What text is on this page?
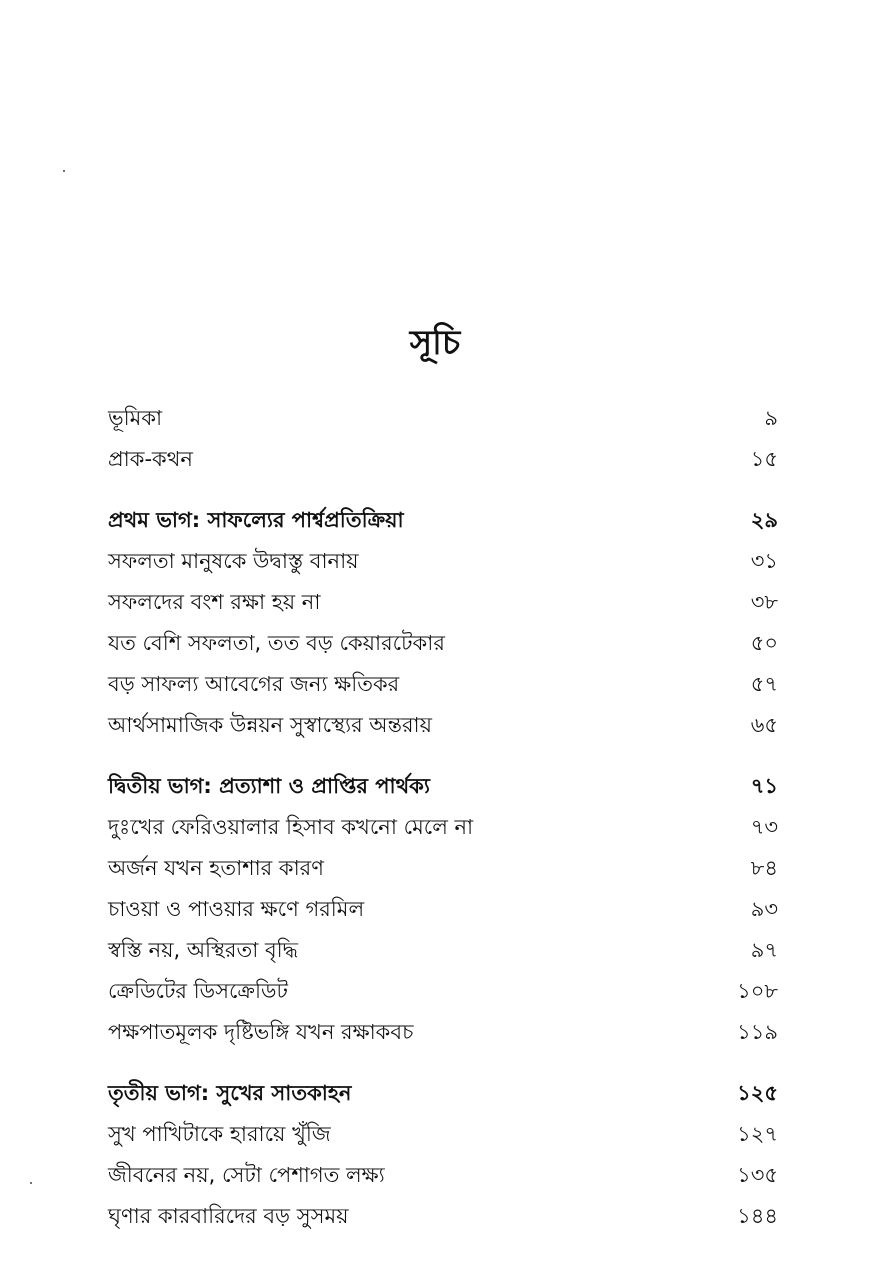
সূচি
ভূমিকা	৯
প্রাক-কথন	১৫
প্রথম ভাগ: সাফল্যের পার্শ্বপ্রতিক্রিয়া	২৯
সফলতা মানুষকে উদ্বাস্তু বানায়	৩১
সফলদের বংশ রক্ষা হয় না	৩৮
যত বেশি সফলতা, তত বড় কেয়ারটেকার	৫০
বড় সাফল্য আবেগের জন্য ক্ষতিকর	৫৭
আর্থসামাজিক উন্নয়ন সুস্বাস্থ্যের অন্তরায়	৬৫
দ্বিতীয় ভাগ: প্রত্যাশা ও প্রাপ্তির পার্থক্য	৭১
দুঃখের ফেরিওয়ালার হিসাব কখনো মেলে না	৭৩
অর্জন যখন হতাশার কারণ	৮৪
চাওয়া ও পাওয়ার ক্ষণে গরমিল	৯৩
স্বস্তি নয়, অস্থিরতা বৃদ্ধি	৯৭
ক্রেডিটের ডিসক্রেডিট	১০৮
পক্ষপাতমূলক দৃষ্টিভঙ্গি যখন রক্ষাকবচ	১১৯
তৃতীয় ভাগ: সুখের সাতকাহন	১২৫
সুখ পাখিটাকে হারায়ে খুঁজি	১২৭
জীবনের নয়, সেটা পেশাগত লক্ষ্য	১৩৫
ঘৃণার কারবারিদের বড় সুসময়	১৪৪
